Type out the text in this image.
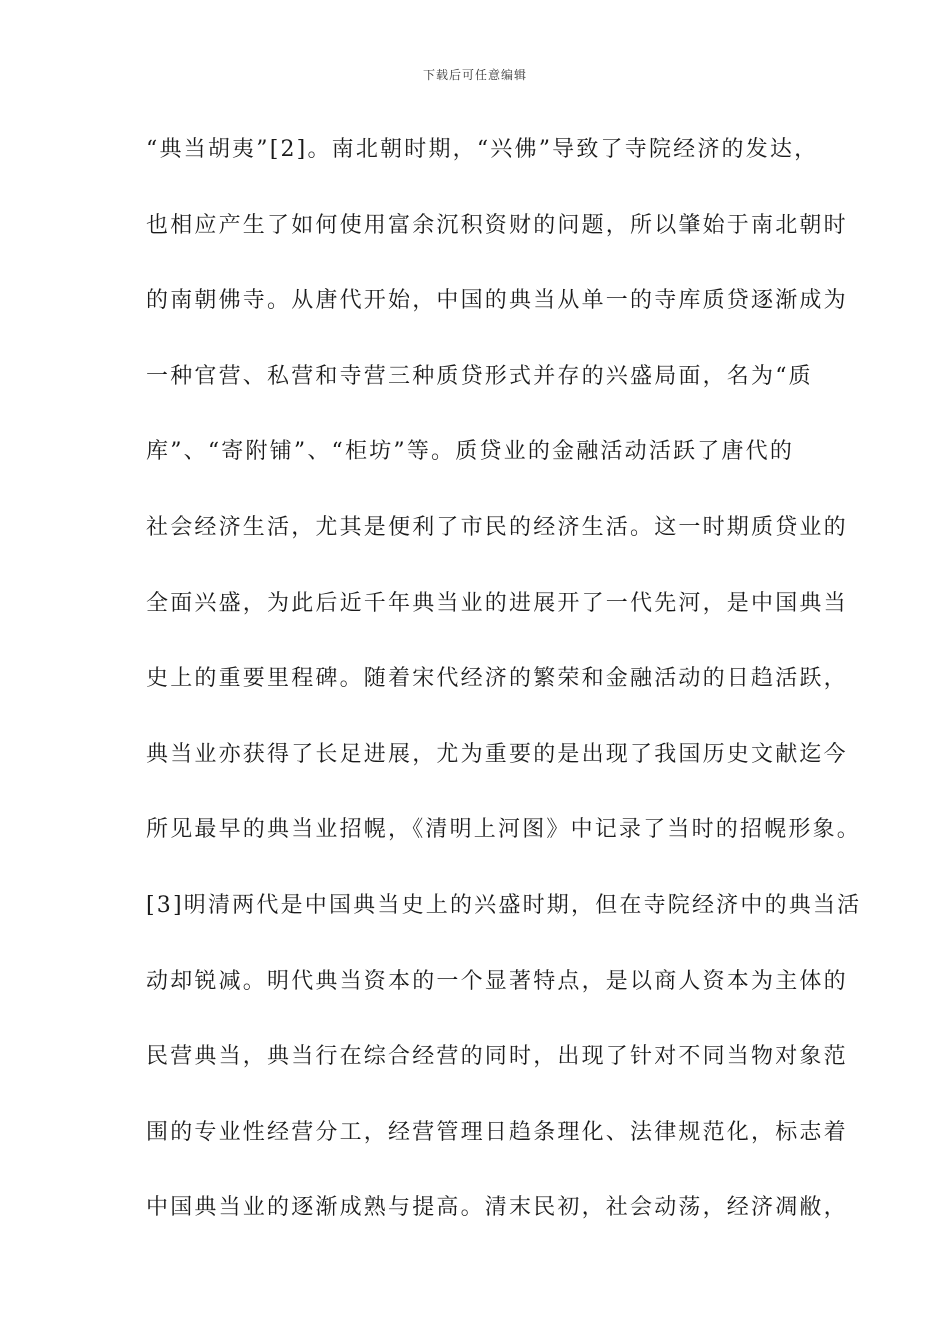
下载后可任意编辑
“典当胡夷”[2]。南北朝时期，“兴佛”导致了寺院经济的发达，
也相应产生了如何使用富余沉积资财的问题，所以肇始于南北朝时
的南朝佛寺。从唐代开始，中国的典当从单一的寺库质贷逐渐成为
一种官营、私营和寺营三种质贷形式并存的兴盛局面，名为“质
库”、“寄附铺”、“柜坊”等。质贷业的金融活动活跃了唐代的
社会经济生活，尤其是便利了市民的经济生活。这一时期质贷业的
全面兴盛，为此后近千年典当业的进展开了一代先河，是中国典当
史上的重要里程碑。随着宋代经济的繁荣和金融活动的日趋活跃，
典当业亦获得了长足进展，尤为重要的是出现了我国历史文献迄今
所见最早的典当业招幌，《清明上河图》中记录了当时的招幌形象。
[3]明清两代是中国典当史上的兴盛时期，但在寺院经济中的典当活
动却锐减。明代典当资本的一个显著特点，是以商人资本为主体的
民营典当，典当行在综合经营的同时，出现了针对不同当物对象范
围的专业性经营分工，经营管理日趋条理化、法律规范化，标志着
中国典当业的逐渐成熟与提高。清末民初，社会动荡，经济凋敝，
